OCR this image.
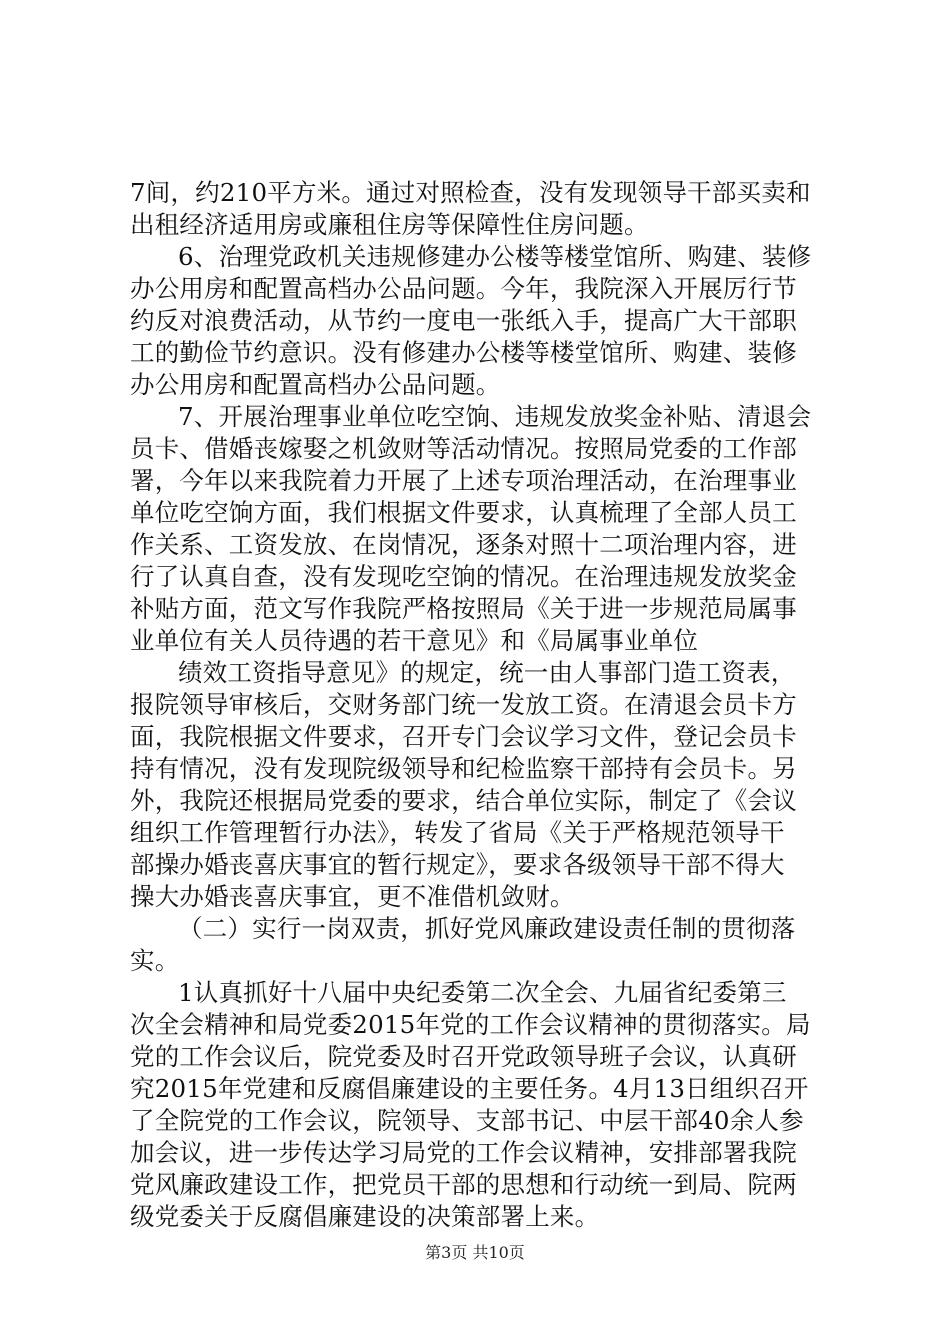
7间，约210平方米。通过对照检查，没有发现领导干部买卖和
出租经济适用房或廉租住房等保障性住房问题。
6、治理党政机关违规修建办公楼等楼堂馆所、购建、装修
办公用房和配置高档办公品问题。今年，我院深入开展厉行节
约反对浪费活动，从节约一度电一张纸入手，提高广大干部职
工的勤俭节约意识。没有修建办公楼等楼堂馆所、购建、装修
办公用房和配置高档办公品问题。
7、开展治理事业单位吃空饷、违规发放奖金补贴、清退会
员卡、借婚丧嫁娶之机敛财等活动情况。按照局党委的工作部
署，今年以来我院着力开展了上述专项治理活动，在治理事业
单位吃空饷方面，我们根据文件要求，认真梳理了全部人员工
作关系、工资发放、在岗情况，逐条对照十二项治理内容，进
行了认真自查，没有发现吃空饷的情况。在治理违规发放奖金
补贴方面，范文写作我院严格按照局《关于进一步规范局属事
业单位有关人员待遇的若干意见》和《局属事业单位
绩效工资指导意见》的规定，统一由人事部门造工资表，
报院领导审核后，交财务部门统一发放工资。在清退会员卡方
面，我院根据文件要求，召开专门会议学习文件，登记会员卡
持有情况，没有发现院级领导和纪检监察干部持有会员卡。另
外，我院还根据局党委的要求，结合单位实际，制定了《会议
组织工作管理暂行办法》，转发了省局《关于严格规范领导干
部操办婚丧喜庆事宜的暂行规定》，要求各级领导干部不得大
操大办婚丧喜庆事宜，更不准借机敛财。
（二）实行一岗双责，抓好党风廉政建设责任制的贯彻落
实。
1认真抓好十八届中央纪委第二次全会、九届省纪委第三
次全会精神和局党委2015年党的工作会议精神的贯彻落实。局
党的工作会议后，院党委及时召开党政领导班子会议，认真研
究2015年党建和反腐倡廉建设的主要任务。4月13日组织召开
了全院党的工作会议，院领导、支部书记、中层干部40余人参
加会议，进一步传达学习局党的工作会议精神，安排部署我院
党风廉政建设工作，把党员干部的思想和行动统一到局、院两
级党委关于反腐倡廉建设的决策部署上来。
第3页 共10页
